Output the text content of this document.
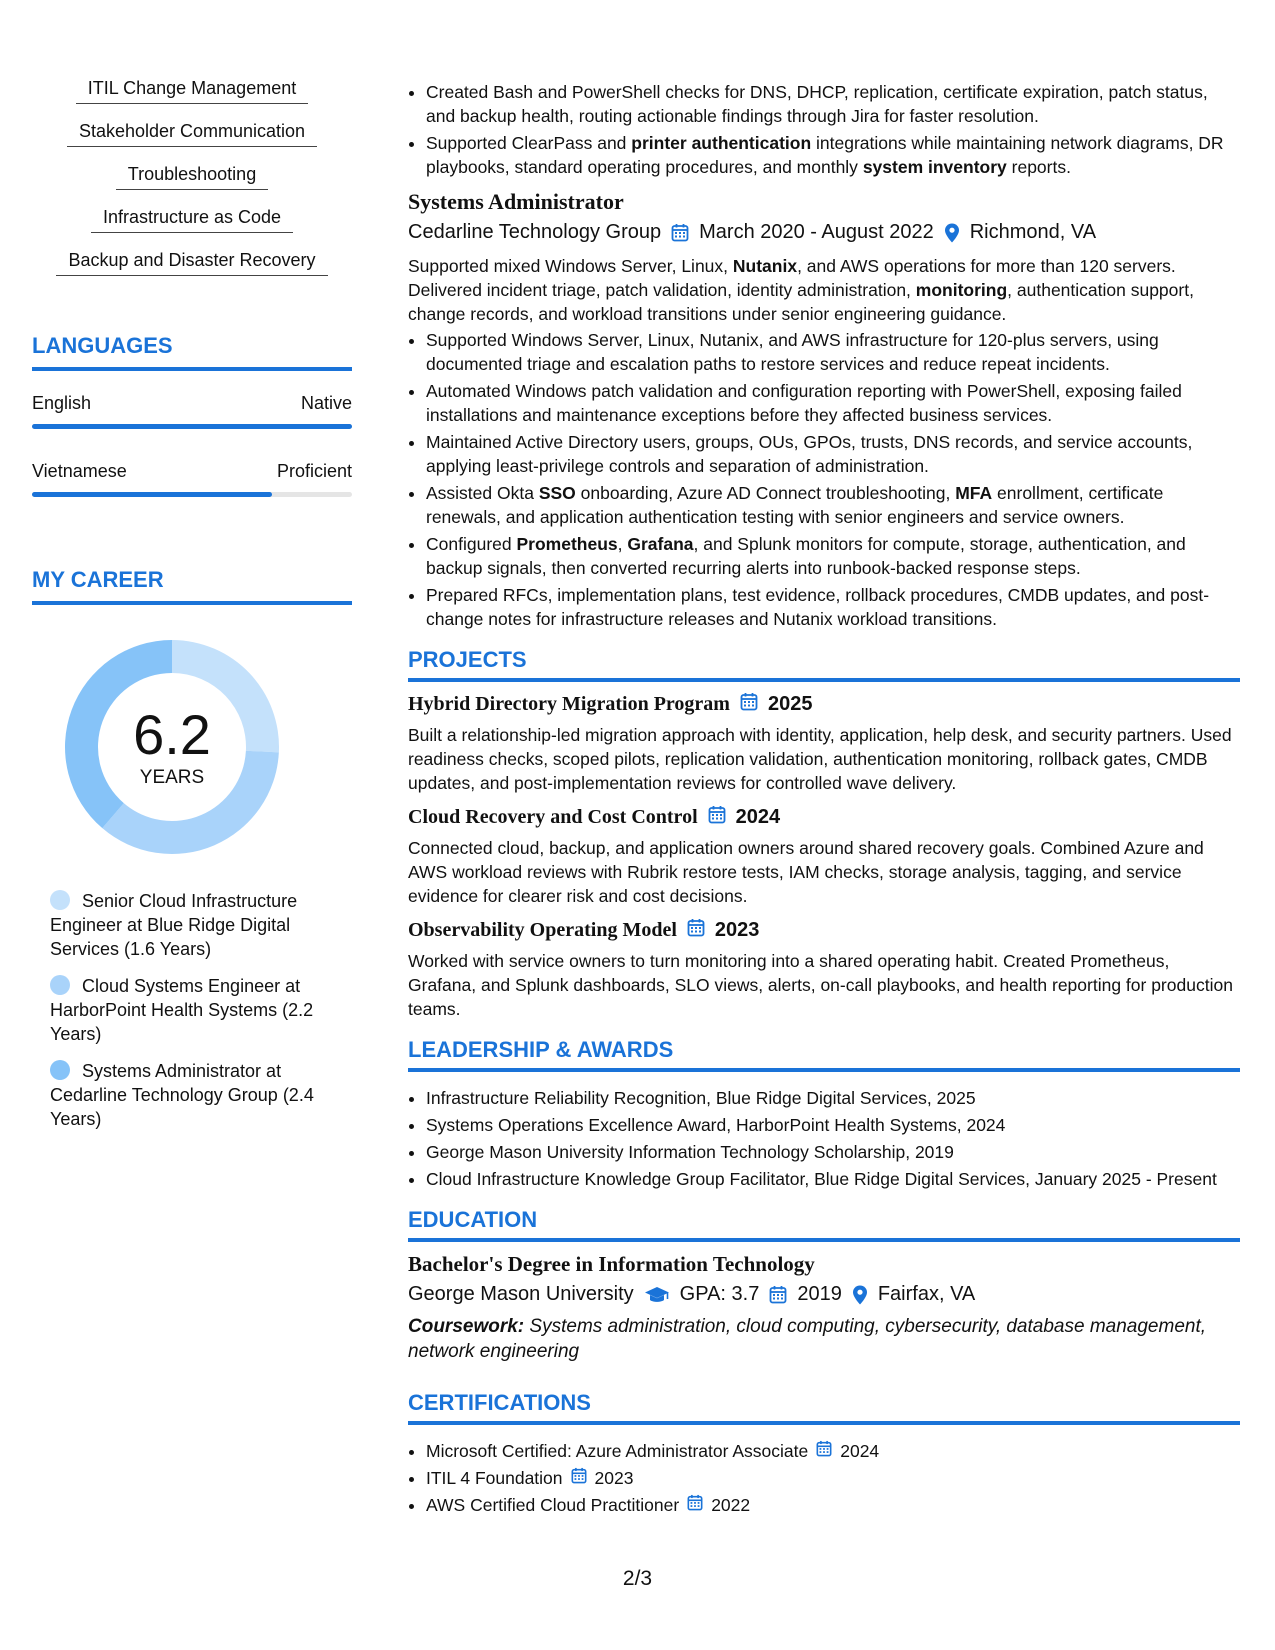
ITIL Change Management
Stakeholder Communication
Troubleshooting
Infrastructure as Code
Backup and Disaster Recovery
LANGUAGES
English	Native
Vietnamese	Proficient
MY CAREER
6.2
YEARS
Senior Cloud Infrastructure Engineer at Blue Ridge Digital Services (1.6 Years)
Cloud Systems Engineer at HarborPoint Health Systems (2.2 Years)
Systems Administrator at Cedarline Technology Group (2.4 Years)
• Created Bash and PowerShell checks for DNS, DHCP, replication, certificate expiration, patch status, and backup health, routing actionable findings through Jira for faster resolution.
• Supported ClearPass and printer authentication integrations while maintaining network diagrams, DR playbooks, standard operating procedures, and monthly system inventory reports.
Systems Administrator
Cedarline Technology Group March 2020 - August 2022 Richmond, VA
Supported mixed Windows Server, Linux, Nutanix, and AWS operations for more than 120 servers. Delivered incident triage, patch validation, identity administration, monitoring, authentication support, change records, and workload transitions under senior engineering guidance.
• Supported Windows Server, Linux, Nutanix, and AWS infrastructure for 120-plus servers, using documented triage and escalation paths to restore services and reduce repeat incidents.
• Automated Windows patch validation and configuration reporting with PowerShell, exposing failed installations and maintenance exceptions before they affected business services.
• Maintained Active Directory users, groups, OUs, GPOs, trusts, DNS records, and service accounts, applying least-privilege controls and separation of administration.
• Assisted Okta SSO onboarding, Azure AD Connect troubleshooting, MFA enrollment, certificate renewals, and application authentication testing with senior engineers and service owners.
• Configured Prometheus, Grafana, and Splunk monitors for compute, storage, authentication, and backup signals, then converted recurring alerts into runbook-backed response steps.
• Prepared RFCs, implementation plans, test evidence, rollback procedures, CMDB updates, and post-change notes for infrastructure releases and Nutanix workload transitions.
PROJECTS
Hybrid Directory Migration Program 2025
Built a relationship-led migration approach with identity, application, help desk, and security partners. Used readiness checks, scoped pilots, replication validation, authentication monitoring, rollback gates, CMDB updates, and post-implementation reviews for controlled wave delivery.
Cloud Recovery and Cost Control 2024
Connected cloud, backup, and application owners around shared recovery goals. Combined Azure and AWS workload reviews with Rubrik restore tests, IAM checks, storage analysis, tagging, and service evidence for clearer risk and cost decisions.
Observability Operating Model 2023
Worked with service owners to turn monitoring into a shared operating habit. Created Prometheus, Grafana, and Splunk dashboards, SLO views, alerts, on-call playbooks, and health reporting for production teams.
LEADERSHIP & AWARDS
• Infrastructure Reliability Recognition, Blue Ridge Digital Services, 2025
• Systems Operations Excellence Award, HarborPoint Health Systems, 2024
• George Mason University Information Technology Scholarship, 2019
• Cloud Infrastructure Knowledge Group Facilitator, Blue Ridge Digital Services, January 2025 - Present
EDUCATION
Bachelor's Degree in Information Technology
George Mason University GPA: 3.7 2019 Fairfax, VA
Coursework: Systems administration, cloud computing, cybersecurity, database management, network engineering
CERTIFICATIONS
• Microsoft Certified: Azure Administrator Associate 2024
• ITIL 4 Foundation 2023
• AWS Certified Cloud Practitioner 2022
2/3
